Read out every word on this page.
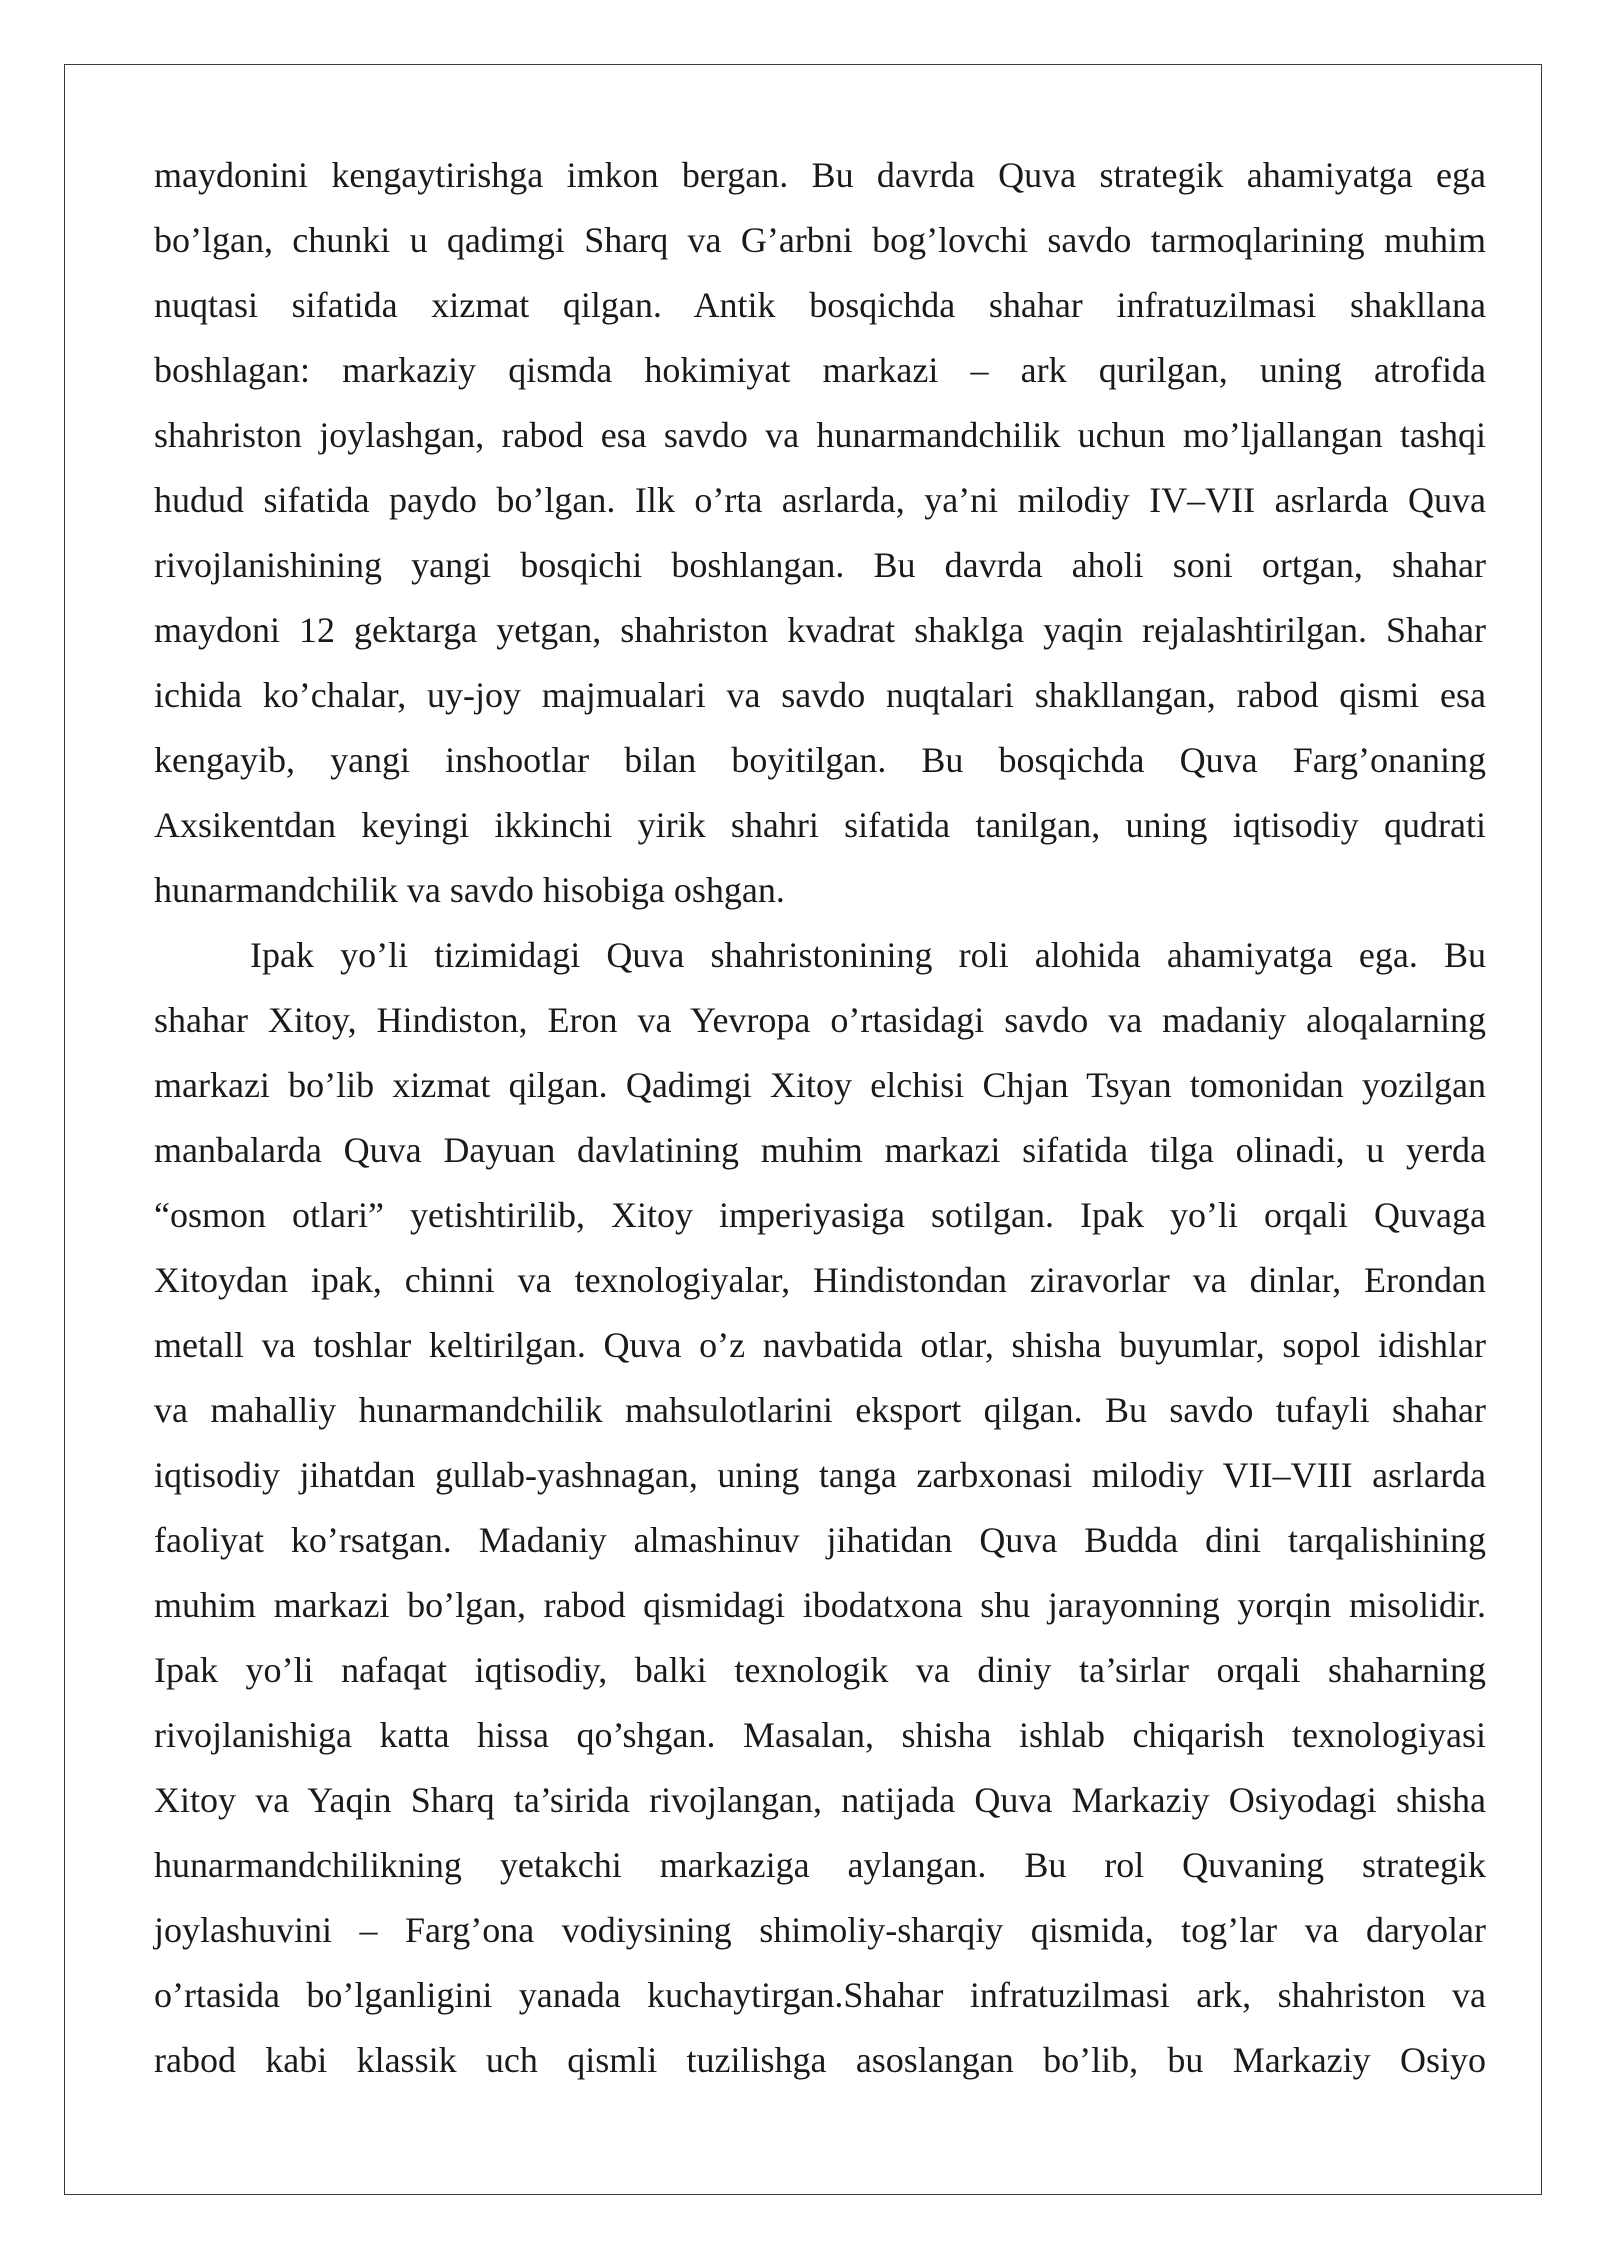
maydonini kengaytirishga imkon bergan. Bu davrda Quva strategik ahamiyatga ega
bo’lgan, chunki u qadimgi Sharq va G’arbni bog’lovchi savdo tarmoqlarining muhim
nuqtasi sifatida xizmat qilgan. Antik bosqichda shahar infratuzilmasi shakllana
boshlagan: markaziy qismda hokimiyat markazi – ark qurilgan, uning atrofida
shahriston joylashgan, rabod esa savdo va hunarmandchilik uchun mo’ljallangan tashqi
hudud sifatida paydo bo’lgan. Ilk o’rta asrlarda, ya’ni milodiy IV–VII asrlarda Quva
rivojlanishining yangi bosqichi boshlangan. Bu davrda aholi soni ortgan, shahar
maydoni 12 gektarga yetgan, shahriston kvadrat shaklga yaqin rejalashtirilgan. Shahar
ichida ko’chalar, uy-joy majmualari va savdo nuqtalari shakllangan, rabod qismi esa
kengayib, yangi inshootlar bilan boyitilgan. Bu bosqichda Quva Farg’onaning
Axsikentdan keyingi ikkinchi yirik shahri sifatida tanilgan, uning iqtisodiy qudrati
hunarmandchilik va savdo hisobiga oshgan.
Ipak yo’li tizimidagi Quva shahristonining roli alohida ahamiyatga ega. Bu
shahar Xitoy, Hindiston, Eron va Yevropa o’rtasidagi savdo va madaniy aloqalarning
markazi bo’lib xizmat qilgan. Qadimgi Xitoy elchisi Chjan Tsyan tomonidan yozilgan
manbalarda Quva Dayuan davlatining muhim markazi sifatida tilga olinadi, u yerda
“osmon otlari” yetishtirilib, Xitoy imperiyasiga sotilgan. Ipak yo’li orqali Quvaga
Xitoydan ipak, chinni va texnologiyalar, Hindistondan ziravorlar va dinlar, Erondan
metall va toshlar keltirilgan. Quva o’z navbatida otlar, shisha buyumlar, sopol idishlar
va mahalliy hunarmandchilik mahsulotlarini eksport qilgan. Bu savdo tufayli shahar
iqtisodiy jihatdan gullab-yashnagan, uning tanga zarbxonasi milodiy VII–VIII asrlarda
faoliyat ko’rsatgan. Madaniy almashinuv jihatidan Quva Budda dini tarqalishining
muhim markazi bo’lgan, rabod qismidagi ibodatxona shu jarayonning yorqin misolidir.
Ipak yo’li nafaqat iqtisodiy, balki texnologik va diniy ta’sirlar orqali shaharning
rivojlanishiga katta hissa qo’shgan. Masalan, shisha ishlab chiqarish texnologiyasi
Xitoy va Yaqin Sharq ta’sirida rivojlangan, natijada Quva Markaziy Osiyodagi shisha
hunarmandchilikning yetakchi markaziga aylangan. Bu rol Quvaning strategik
joylashuvini – Farg’ona vodiysining shimoliy-sharqiy qismida, tog’lar va daryolar
o’rtasida bo’lganligini yanada kuchaytirgan.Shahar infratuzilmasi ark, shahriston va
rabod kabi klassik uch qismli tuzilishga asoslangan bo’lib, bu Markaziy Osiyo
